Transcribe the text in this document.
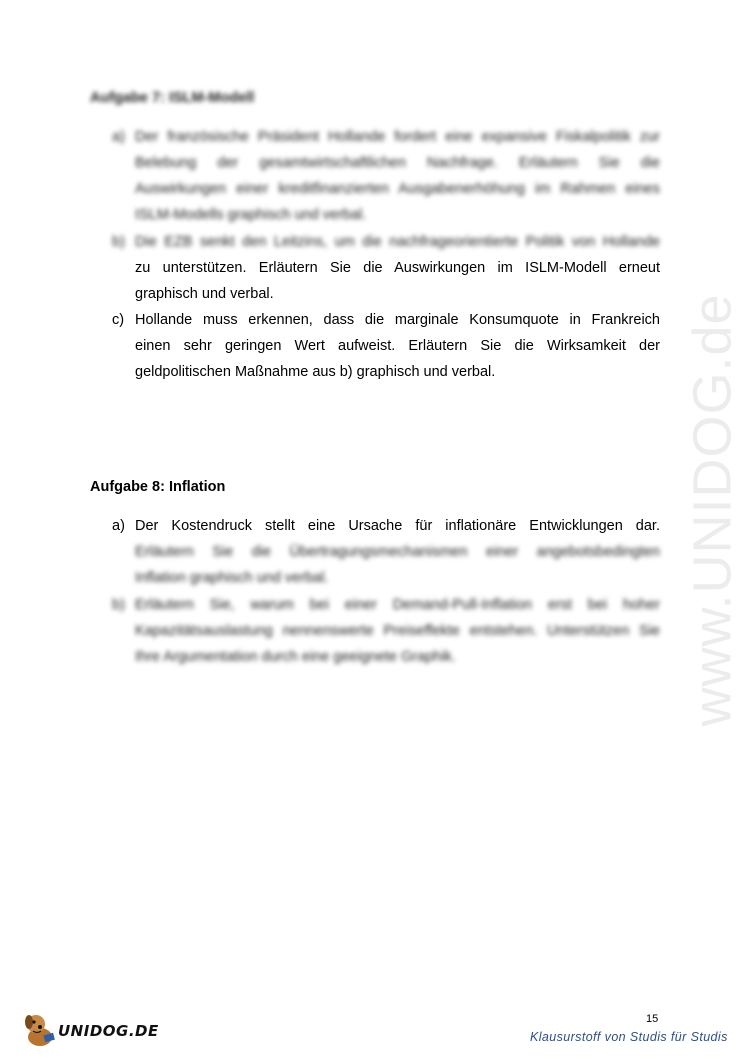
www.UNIDOG.de
Aufgabe 7: ISLM-Modell
a) Der französische Präsident Hollande fordert eine expansive Fiskalpolitik zur
Belebung der gesamtwirtschaftlichen Nachfrage. Erläutern Sie die
Auswirkungen einer kreditfinanzierten Ausgabenerhöhung im Rahmen eines
ISLM-Modells graphisch und verbal.
b) Die EZB senkt den Leitzins, um die nachfrageorientierte Politik von Hollande
zu unterstützen. Erläutern Sie die Auswirkungen im ISLM-Modell erneut
graphisch und verbal.
c) Hollande muss erkennen, dass die marginale Konsumquote in Frankreich
einen sehr geringen Wert aufweist. Erläutern Sie die Wirksamkeit der
geldpolitischen Maßnahme aus b) graphisch und verbal.
Aufgabe 8: Inflation
a) Der Kostendruck stellt eine Ursache für inflationäre Entwicklungen dar.
Erläutern Sie die Übertragungsmechanismen einer angebotsbedingten
Inflation graphisch und verbal.
b) Erläutern Sie, warum bei einer Demand-Pull-Inflation erst bei hoher
Kapazitätsauslastung nennenswerte Preiseffekte entstehen. Unterstützen Sie
Ihre Argumentation durch eine geeignete Graphik.
UNIDOG.DE
15
Klausurstoff von Studis für Studis
